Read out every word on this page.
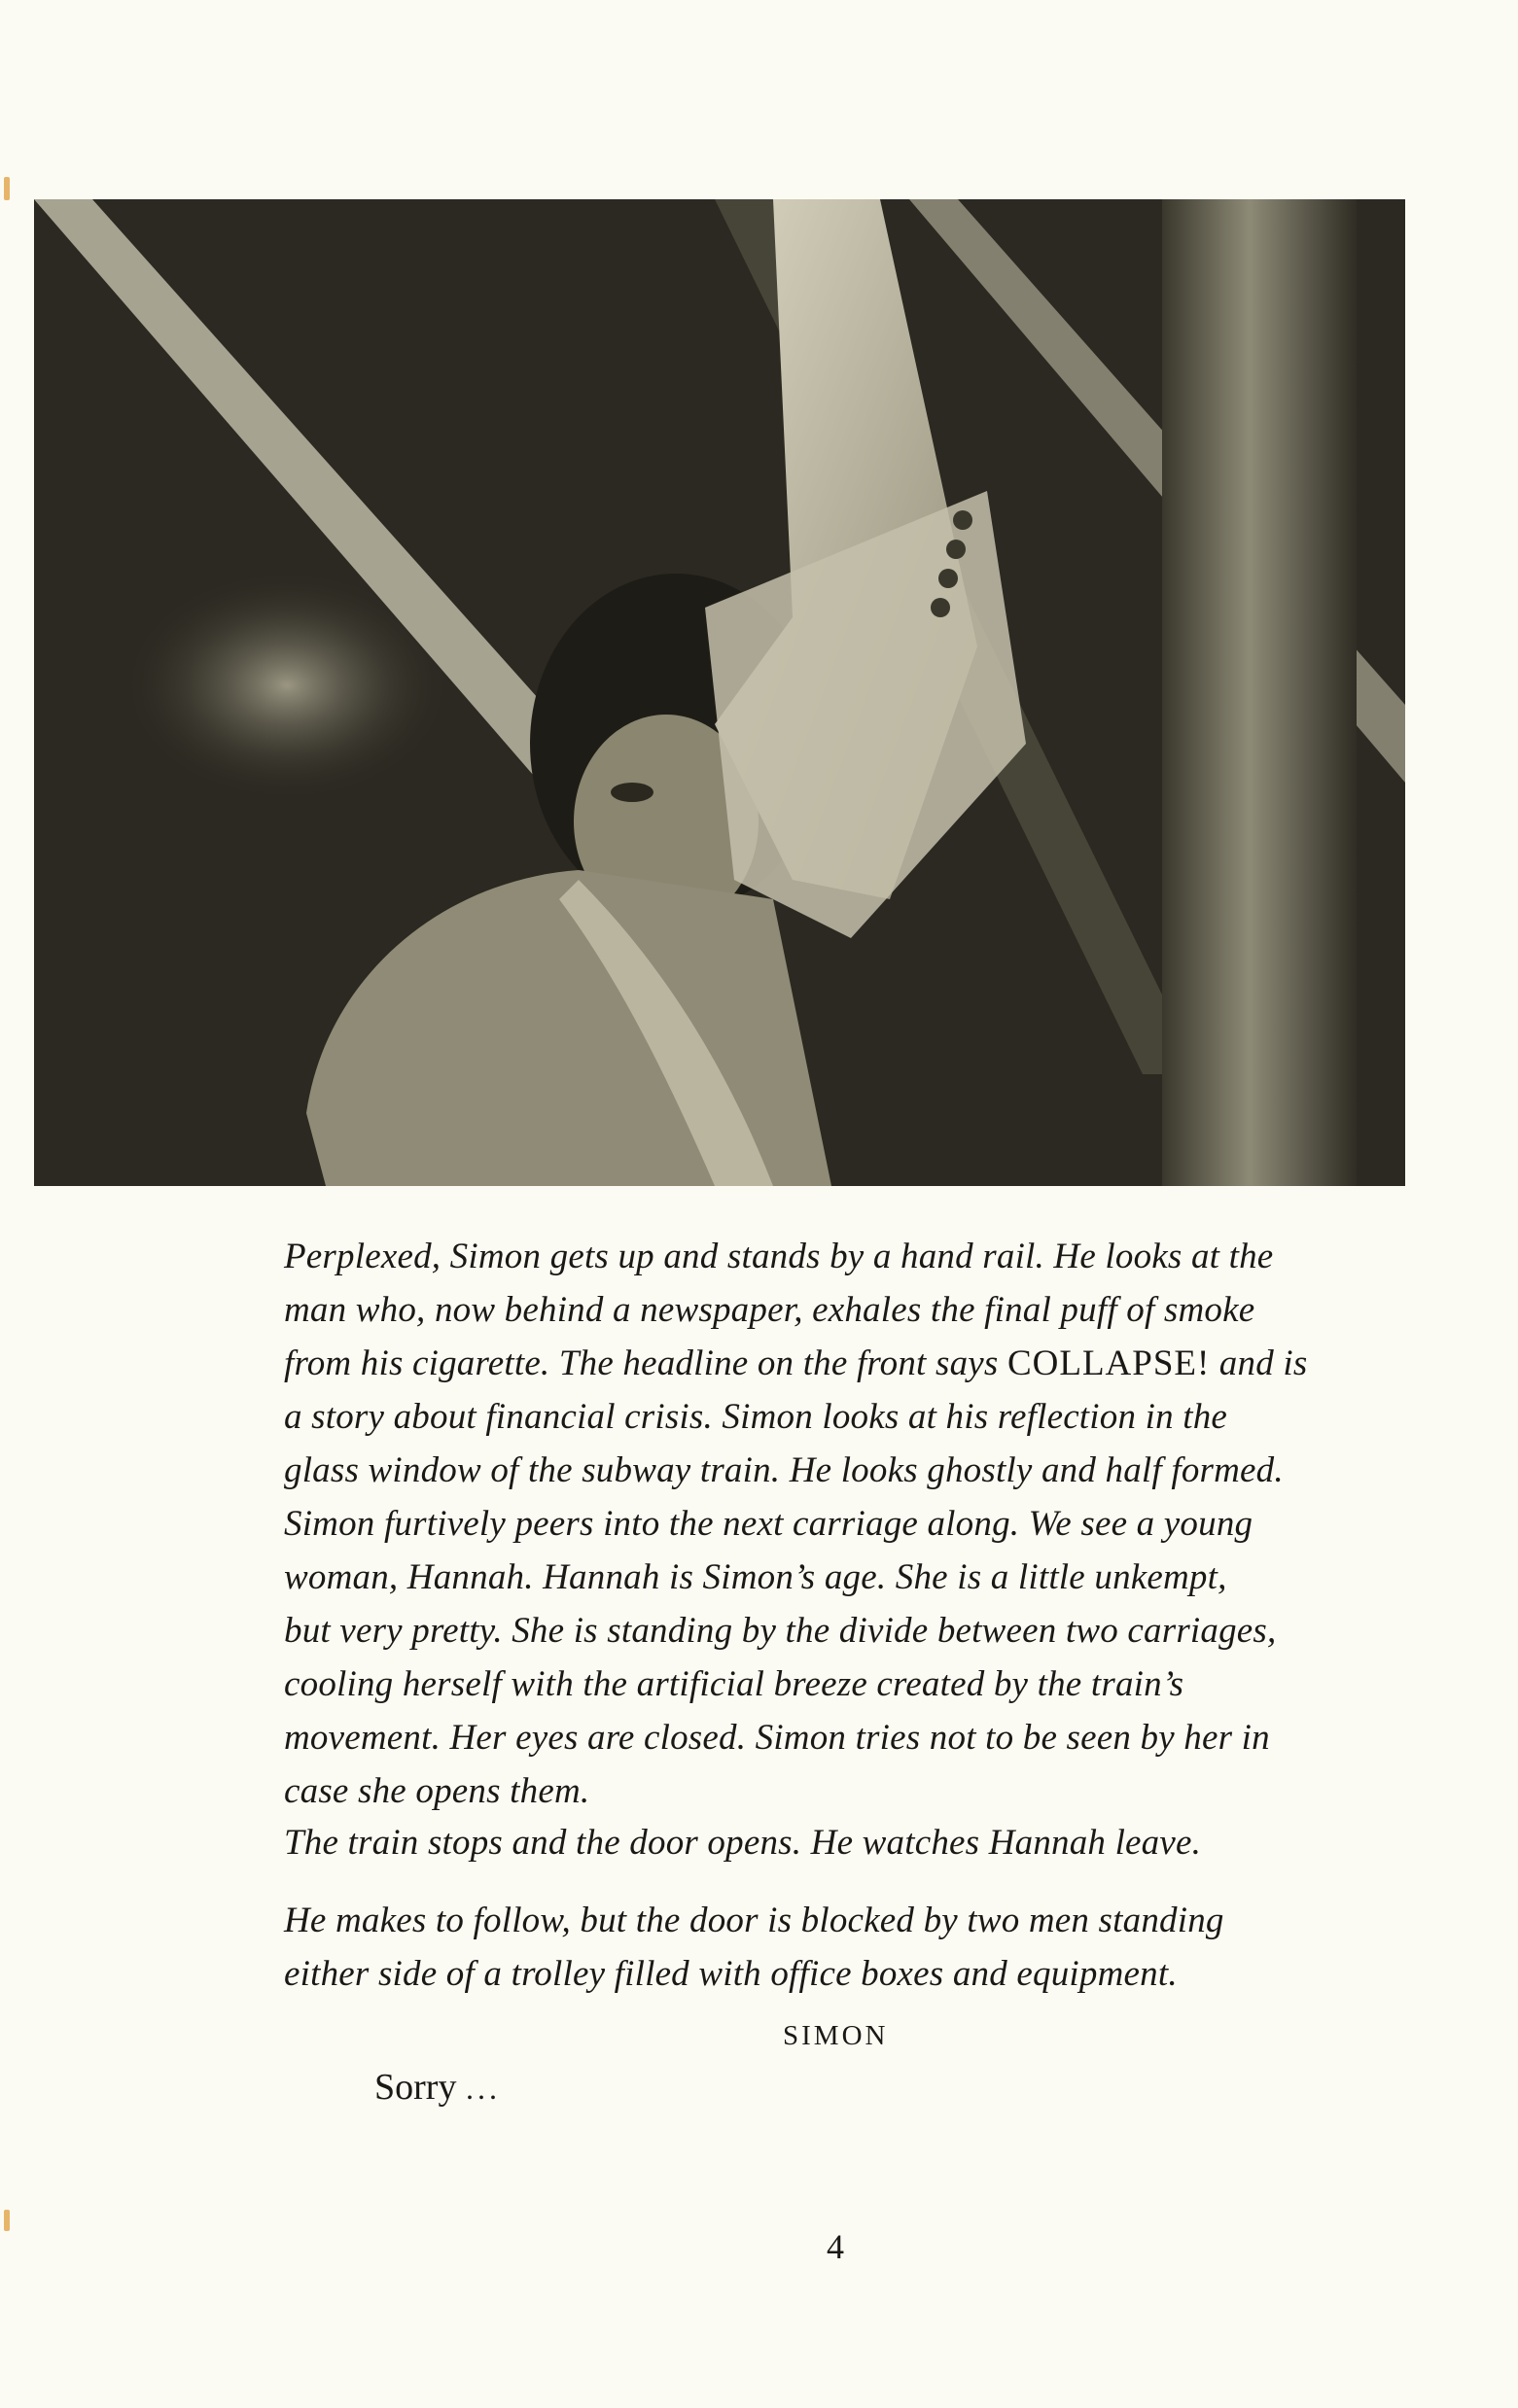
Perplexed, Simon gets up and stands by a hand rail. He looks at the
man who, now behind a newspaper, exhales the final puff of smoke
from his cigarette. The headline on the front says COLLAPSE! and is
a story about financial crisis. Simon looks at his reflection in the
glass window of the subway train. He looks ghostly and half formed.

Simon furtively peers into the next carriage along. We see a young
woman, Hannah. Hannah is Simon’s age. She is a little unkempt,
but very pretty. She is standing by the divide between two carriages,
cooling herself with the artificial breeze created by the train’s
movement. Her eyes are closed. Simon tries not to be seen by her in
case she opens them.

The train stops and the door opens. He watches Hannah leave.

He makes to follow, but the door is blocked by two men standing
either side of a trolley filled with office boxes and equipment.

SIMON
Sorry ...
4
